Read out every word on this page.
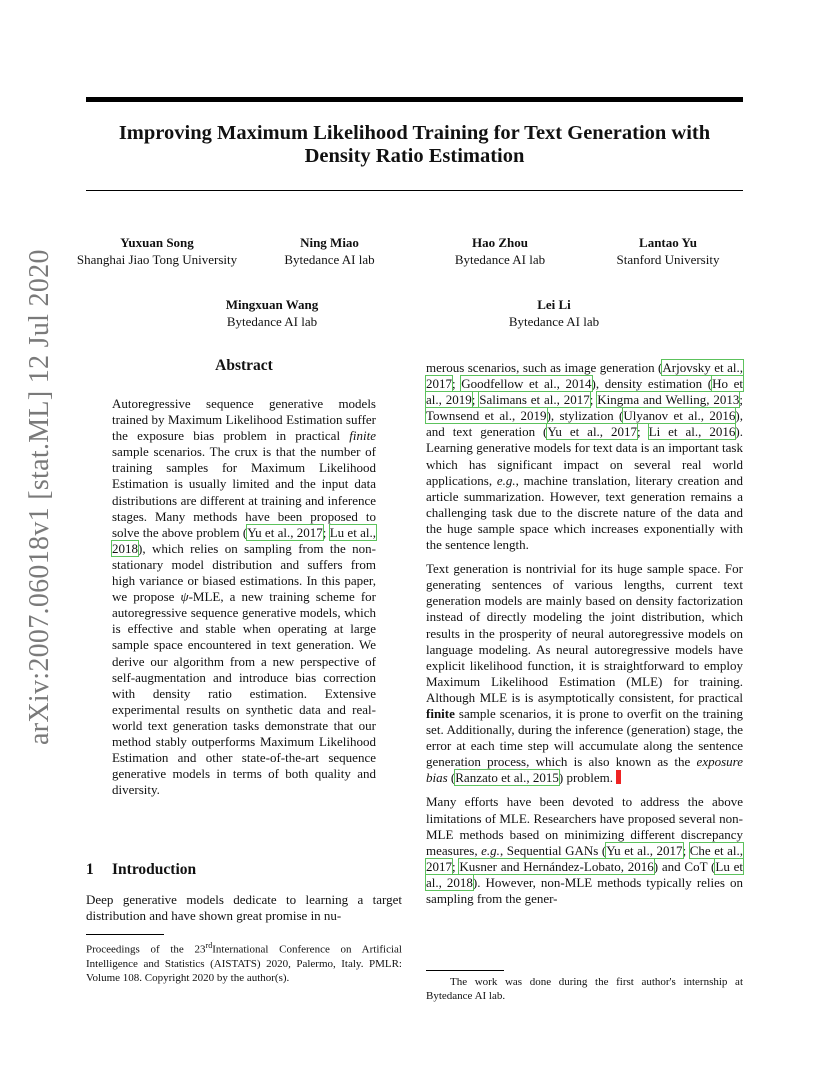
Improving Maximum Likelihood Training for Text Generation with Density Ratio Estimation
arXiv:2007.06018v1 [stat.ML] 12 Jul 2020
Yuxuan Song
Shanghai Jiao Tong University
Ning Miao
Bytedance AI lab
Hao Zhou
Bytedance AI lab
Lantao Yu
Stanford University
Mingxuan Wang
Bytedance AI lab
Lei Li
Bytedance AI lab
Abstract

Autoregressive sequence generative models trained by Maximum Likelihood Estimation suffer the exposure bias problem in practical finite sample scenarios. The crux is that the number of training samples for Maximum Likelihood Estimation is usually limited and the input data distributions are different at training and inference stages. Many methods have been proposed to solve the above problem (Yu et al., 2017; Lu et al., 2018), which relies on sampling from the non-stationary model distribution and suffers from high variance or biased estimations. In this paper, we propose ψ-MLE, a new training scheme for autoregressive sequence generative models, which is effective and stable when operating at large sample space encountered in text generation. We derive our algorithm from a new perspective of self-augmentation and introduce bias correction with density ratio estimation. Extensive experimental results on synthetic data and real-world text generation tasks demonstrate that our method stably outperforms Maximum Likelihood Estimation and other state-of-the-art sequence generative models in terms of both quality and diversity.

1 Introduction

Deep generative models dedicate to learning a target distribution and have shown great promise in nu-

Proceedings of the 23rdInternational Conference on Artificial Intelligence and Statistics (AISTATS) 2020, Palermo, Italy. PMLR: Volume 108. Copyright 2020 by the author(s).

merous scenarios, such as image generation (Arjovsky et al., 2017; Goodfellow et al., 2014), density estimation (Ho et al., 2019; Salimans et al., 2017; Kingma and Welling, 2013; Townsend et al., 2019), stylization (Ulyanov et al., 2016), and text generation (Yu et al., 2017; Li et al., 2016). Learning generative models for text data is an important task which has significant impact on several real world applications, e.g., machine translation, literary creation and article summarization. However, text generation remains a challenging task due to the discrete nature of the data and the huge sample space which increases exponentially with the sentence length.

Text generation is nontrivial for its huge sample space. For generating sentences of various lengths, current text generation models are mainly based on density factorization instead of directly modeling the joint distribution, which results in the prosperity of neural autoregressive models on language modeling. As neural autoregressive models have explicit likelihood function, it is straightforward to employ Maximum Likelihood Estimation (MLE) for training. Although MLE is is asymptotically consistent, for practical finite sample scenarios, it is prone to overfit on the training set. Additionally, during the inference (generation) stage, the error at each time step will accumulate along the sentence generation process, which is also known as the exposure bias (Ranzato et al., 2015) problem.

Many efforts have been devoted to address the above limitations of MLE. Researchers have proposed several non-MLE methods based on minimizing different discrepancy measures, e.g., Sequential GANs (Yu et al., 2017; Che et al., 2017; Kusner and Hernández-Lobato, 2016) and CoT (Lu et al., 2018). However, non-MLE methods typically relies on sampling from the gener-

The work was done during the first author's internship at Bytedance AI lab.
